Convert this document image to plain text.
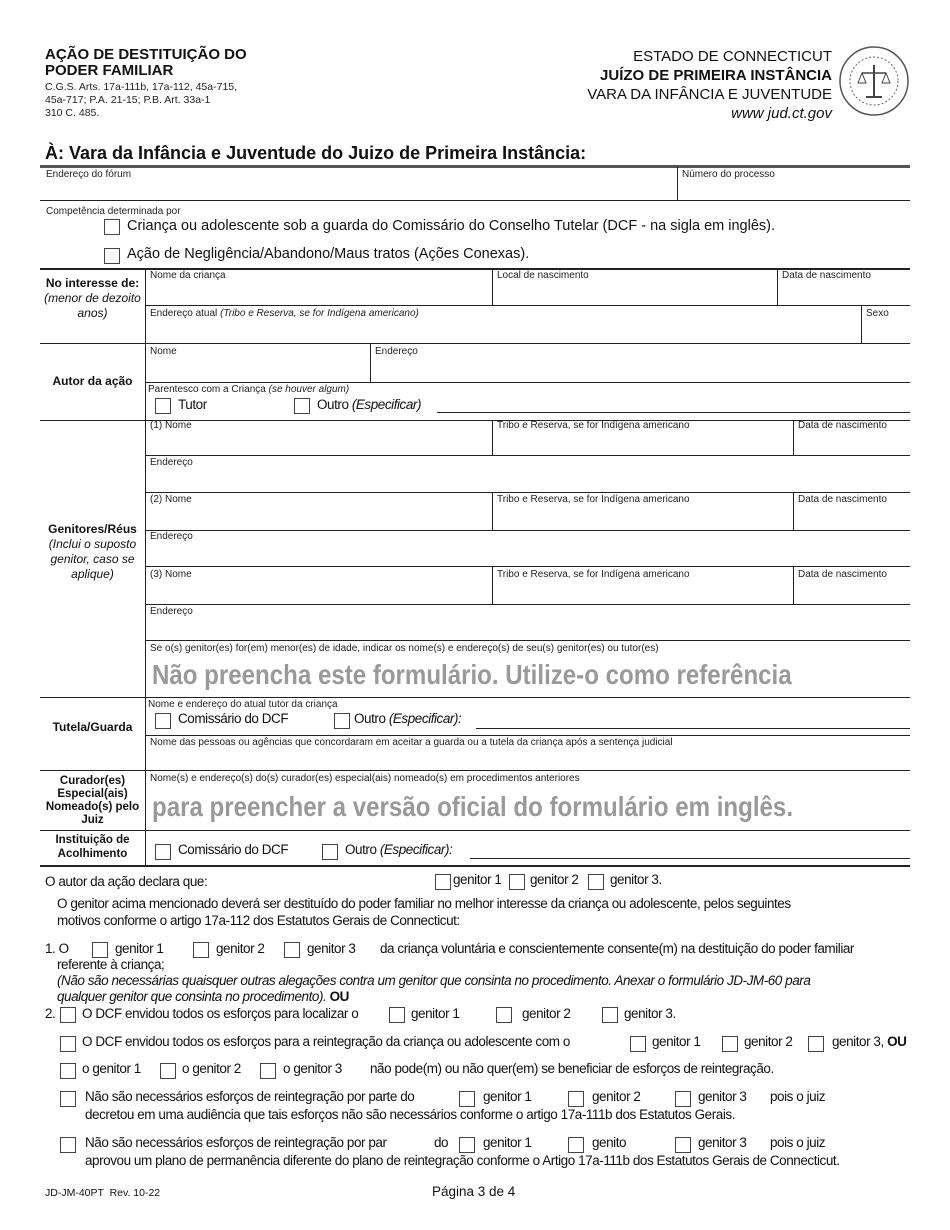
AÇÃO DE DESTITUIÇÃO DO
PODER FAMILIAR
C.G.S. Arts. 17a-111b, 17a-112, 45a-715,
45a-717; P.A. 21-15; P.B. Art. 33a-1
310 C. 485.
ESTADO DE CONNECTICUT
JUÍZO DE PRIMEIRA INSTÂNCIA
VARA DA INFÂNCIA E JUVENTUDE
www jud.ct.gov
À: Vara da Infância e Juventude do Juizo de Primeira Instância:
Endereço do fórum	Número do processo
Competência determinada por
Criança ou adolescente sob a guarda do Comissário do Conselho Tutelar (DCF - na sigla em inglês).
Ação de Negligência/Abandono/Maus tratos (Ações Conexas).
No interesse de:
(menor de dezoito anos)
Nome da criança	Local de nascimento	Data de nascimento
Endereço atual (Tribo e Reserva, se for Indígena americano)	Sexo
Autor da ação
Nome	Endereço
Parentesco com a Criança (se houver algum)
Tutor	Outro (Especificar)
Genitores/Réus
(Inclui o suposto genitor, caso se aplique)
(1) Nome	Tribo e Reserva, se for Indígena americano	Data de nascimento
Endereço
(2) Nome	Tribo e Reserva, se for Indígena americano	Data de nascimento
Endereço
(3) Nome	Tribo e Reserva, se for Indígena americano	Data de nascimento
Endereço
Se o(s) genitor(es) for(em) menor(es) de idade, indicar os nome(s) e endereço(s) de seu(s) genitor(es) ou tutor(es)
Tutela/Guarda
Nome e endereço do atual tutor da criança
Comissário do DCF	Outro (Especificar):
Nome das pessoas ou agências que concordaram em aceitar a guarda ou a tutela da criança após a sentença judicial
Curador(es) Especial(ais) Nomeado(s) pelo Juiz
Nome(s) e endereço(s) do(s) curador(es) especial(ais) nomeado(s) em procedimentos anteriores
Instituição de Acolhimento	Comissário do DCF	Outro (Especificar):
O autor da ação declara que:	genitor 1 genitor 2 genitor 3.
O genitor acima mencionado deverá ser destituído do poder familiar no melhor interesse da criança ou adolescente, pelos seguintes
motivos conforme o artigo 17a-112 dos Estatutos Gerais de Connecticut:
1. O	genitor 1	genitor 2	genitor 3 da criança voluntária e conscientemente consente(m) na destituição do poder familiar
referente à criança;
(Não são necessárias quaisquer outras alegações contra um genitor que consinta no procedimento. Anexar o formulário JD-JM-60 para
qualquer genitor que consinta no procedimento). OU
2. O DCF envidou todos os esforços para localizar o	genitor 1	genitor 2	genitor 3.
O DCF envidou todos os esforços para a reintegração da criança ou adolescente com o	genitor 1	genitor 2	genitor 3, OU
o genitor 1	o genitor 2	o genitor 3 não pode(m) ou não quer(em) se beneficiar de esforços de reintegração.
Não são necessários esforços de reintegração por parte do	genitor 1	genitor 2	genitor 3 pois o juiz
decretou em uma audiência que tais esforços não são necessários conforme o artigo 17a-111b dos Estatutos Gerais.
Não são necessários esforços de reintegração por par	do	genitor 1	genito	genitor 3 pois o juiz
aprovou um plano de permanência diferente do plano de reintegração conforme o Artigo 17a-111b dos Estatutos Gerais de Connecticut.
JD-JM-40PT  Rev. 10-22	Página 3 de 4
Não preencha este formulário. Utilize-o como referência
para preencher a versão oficial do formulário em inglês.
